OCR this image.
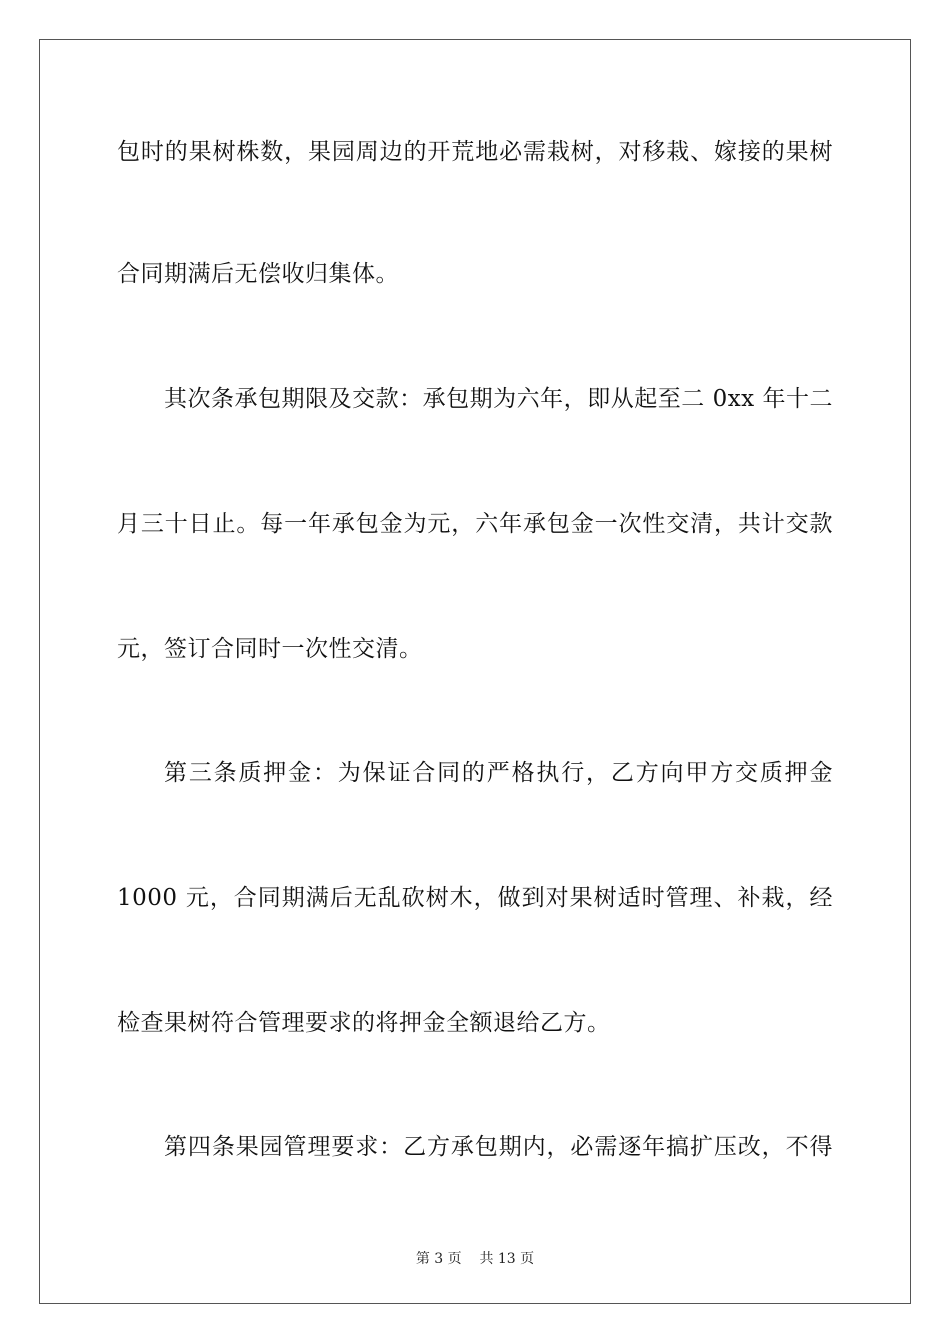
包时的果树株数，果园周边的开荒地必需栽树，对移栽、嫁接的果树
合同期满后无偿收归集体。
其次条承包期限及交款：承包期为六年，即从起至二 0xx 年十二
月三十日止。每一年承包金为元，六年承包金一次性交清，共计交款
元，签订合同时一次性交清。
第三条质押金：为保证合同的严格执行，乙方向甲方交质押金
1000 元，合同期满后无乱砍树木，做到对果树适时管理、补栽，经
检查果树符合管理要求的将押金全额退给乙方。
第四条果园管理要求：乙方承包期内，必需逐年搞扩压改，不得
第 3 页 共 13 页
